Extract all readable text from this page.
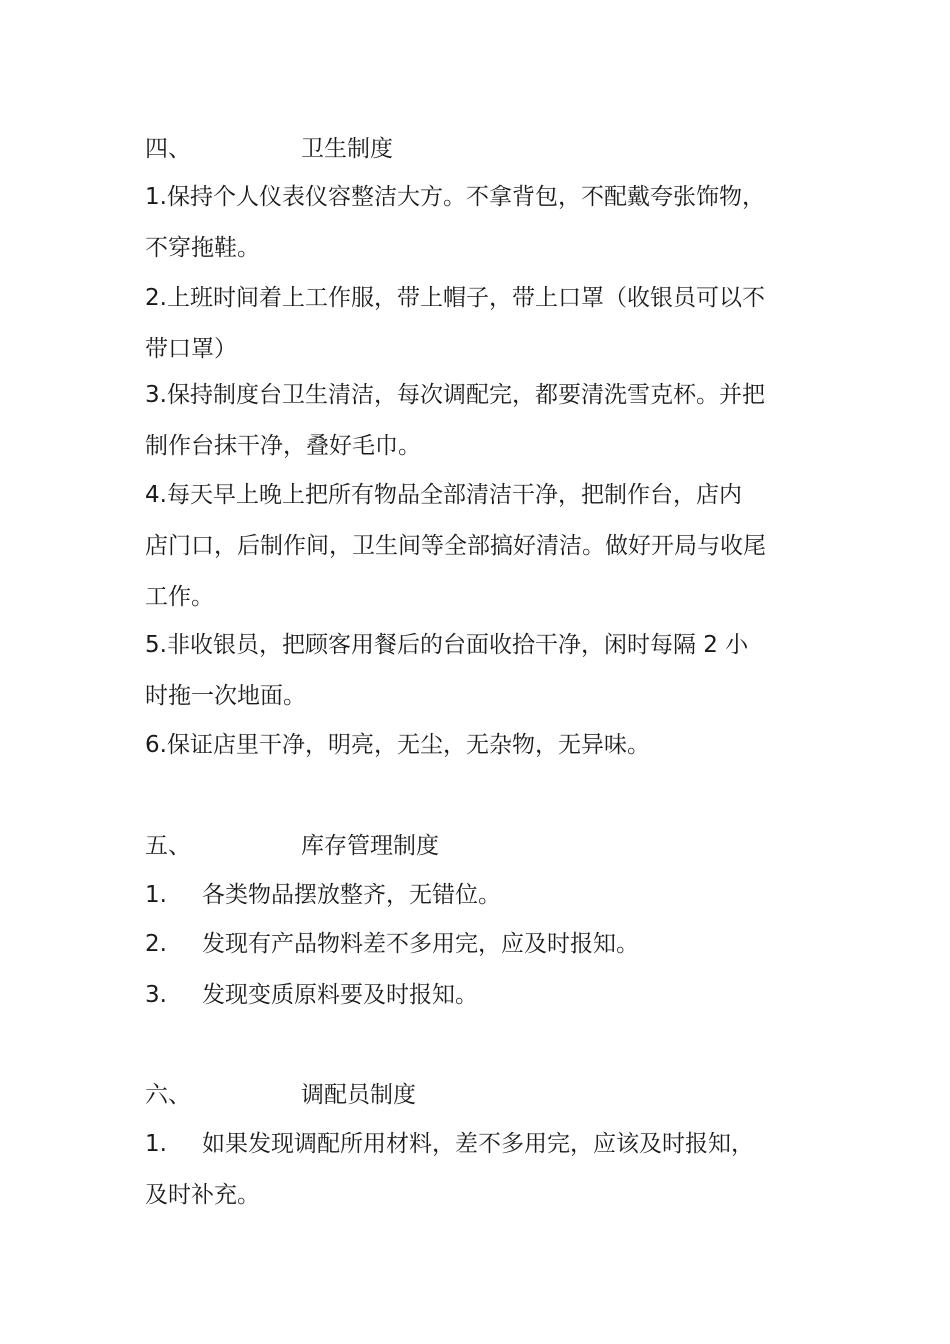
四、	卫生制度
1.保持个人仪表仪容整洁大方。不拿背包，不配戴夸张饰物，
不穿拖鞋。
2.上班时间着上工作服，带上帽子，带上口罩（收银员可以不
带口罩）
3.保持制度台卫生清洁，每次调配完，都要清洗雪克杯。并把
制作台抹干净，叠好毛巾。
4.每天早上晚上把所有物品全部清洁干净，把制作台，店内
店门口，后制作间，卫生间等全部搞好清洁。做好开局与收尾
工作。
5.非收银员，把顾客用餐后的台面收拾干净，闲时每隔 2 小
时拖一次地面。
6.保证店里干净，明亮，无尘，无杂物，无异味。
五、	库存管理制度
1. 各类物品摆放整齐，无错位。
2. 发现有产品物料差不多用完，应及时报知。
3. 发现变质原料要及时报知。
六、	调配员制度
1. 如果发现调配所用材料，差不多用完，应该及时报知，
及时补充。
